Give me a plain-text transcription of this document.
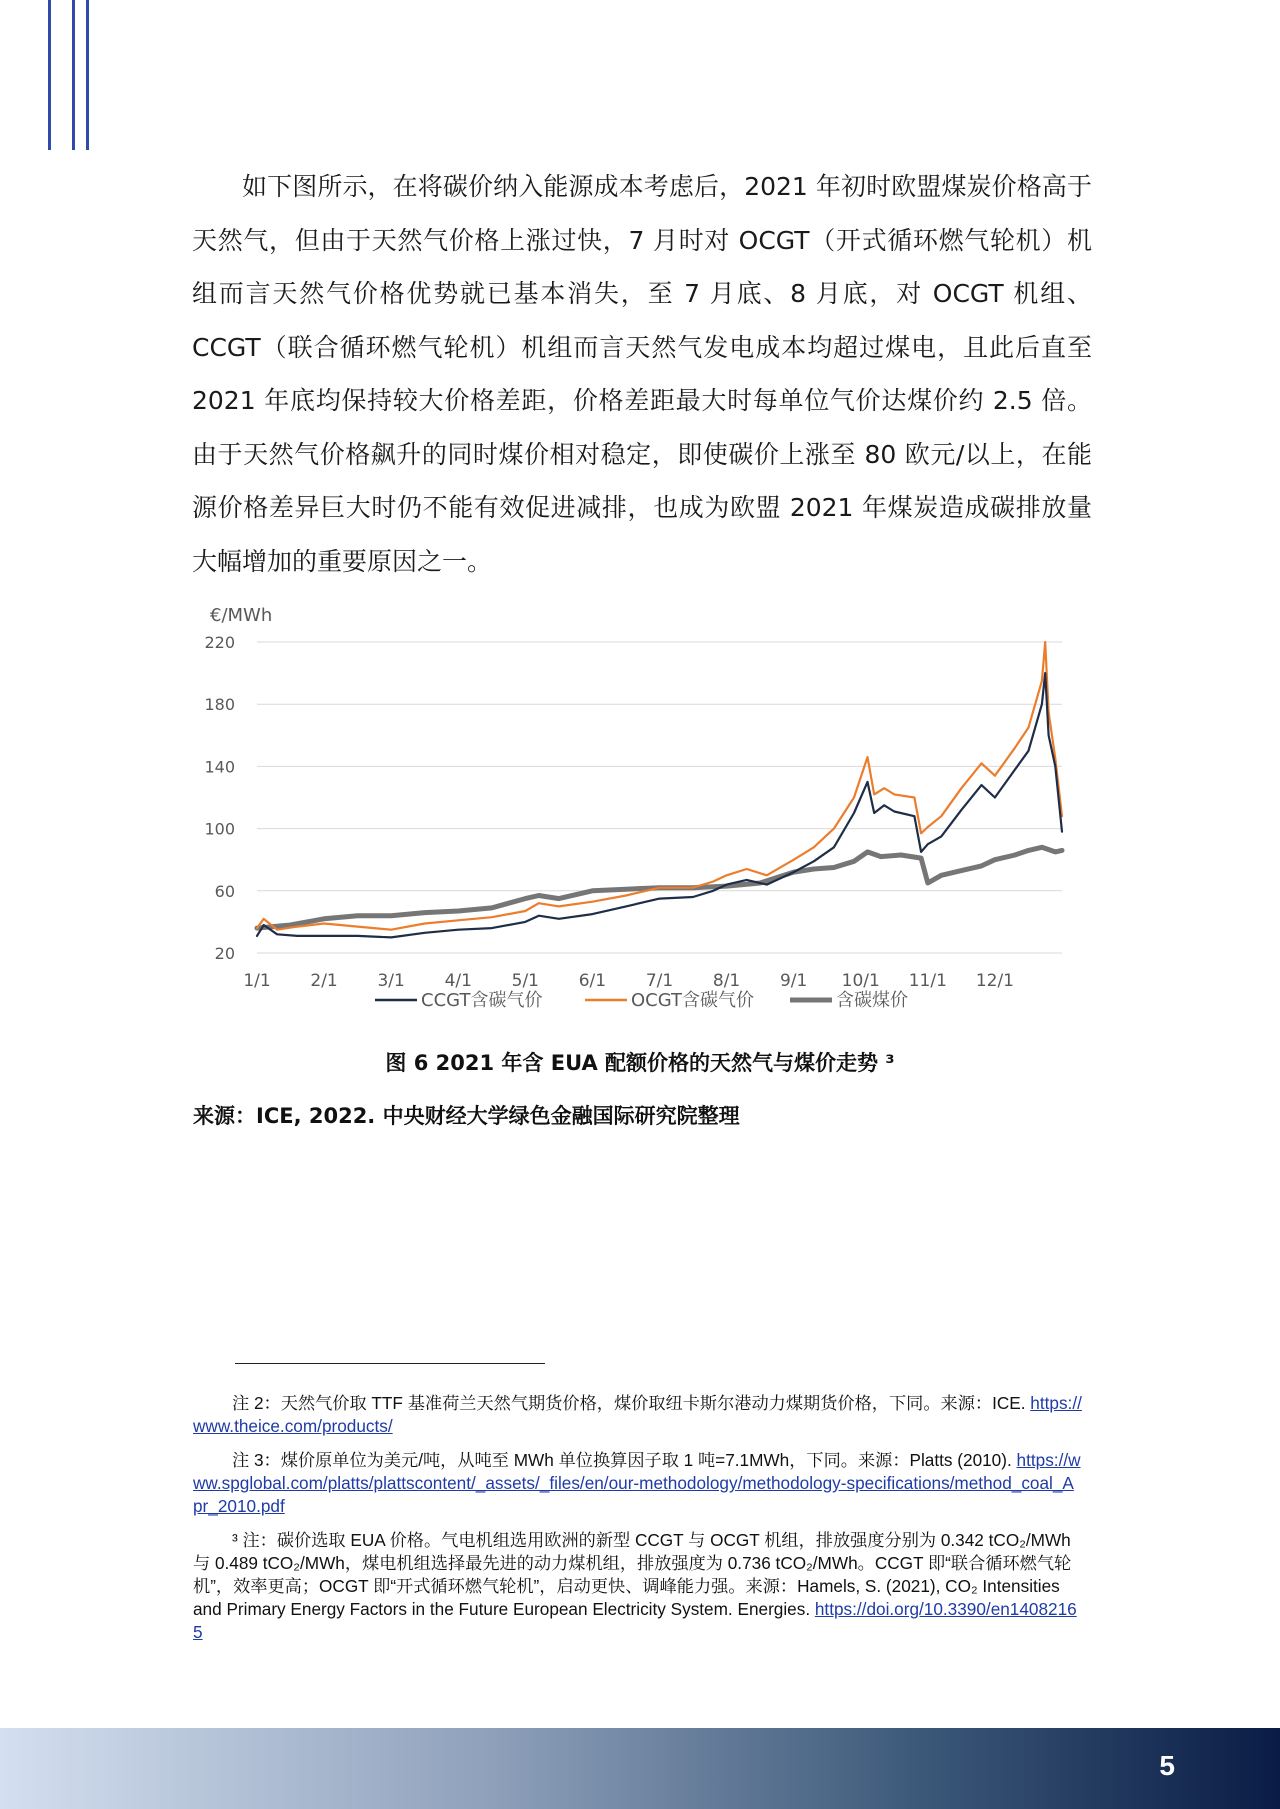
如下图所示，在将碳价纳入能源成本考虑后，2021 年初时欧盟煤炭价格高于天然气，但由于天然气价格上涨过快，7 月时对 OCGT（开式循环燃气轮机）机组而言天然气价格优势就已基本消失，至 7 月底、8 月底，对 OCGT 机组、CCGT（联合循环燃气轮机）机组而言天然气发电成本均超过煤电，且此后直至 2021 年底均保持较大价格差距，价格差距最大时每单位气价达煤价约 2.5 倍。由于天然气价格飙升的同时煤价相对稳定，即使碳价上涨至 80 欧元/以上，在能源价格差异巨大时仍不能有效促进减排，也成为欧盟 2021 年煤炭造成碳排放量大幅增加的重要原因之一。

€/MWh
20
60
100
140
180
220
1/1 2/1 3/1 4/1 5/1 6/1 7/1 8/1 9/1 10/1 11/1 12/1
CCGT含碳气价	OCGT含碳气价	含碳煤价
图 6 2021 年含 EUA 配额价格的天然气与煤价走势 ³
来源：ICE, 2022. 中央财经大学绿色金融国际研究院整理
注 2：天然气价取 TTF 基准荷兰天然气期货价格，煤价取纽卡斯尔港动力煤期货价格，下同。来源：ICE. https://www.theice.com/products/
注 3：煤价原单位为美元/吨，从吨至 MWh 单位换算因子取 1 吨=7.1MWh，下同。来源：Platts (2010). https://www.spglobal.com/platts/plattscontent/_assets/_files/en/our-methodology/methodology-specifications/method_coal_Apr_2010.pdf
³ 注：碳价选取 EUA 价格。气电机组选用欧洲的新型 CCGT 与 OCGT 机组，排放强度分别为 0.342 tCO₂/MWh 与 0.489 tCO₂/MWh，煤电机组选择最先进的动力煤机组，排放强度为 0.736 tCO₂/MWh。CCGT 即“联合循环燃气轮机”，效率更高；OCGT 即“开式循环燃气轮机”，启动更快、调峰能力强。来源：Hamels, S. (2021), CO₂ Intensities and Primary Energy Factors in the Future European Electricity System. Energies. https://doi.org/10.3390/en14082165
5
